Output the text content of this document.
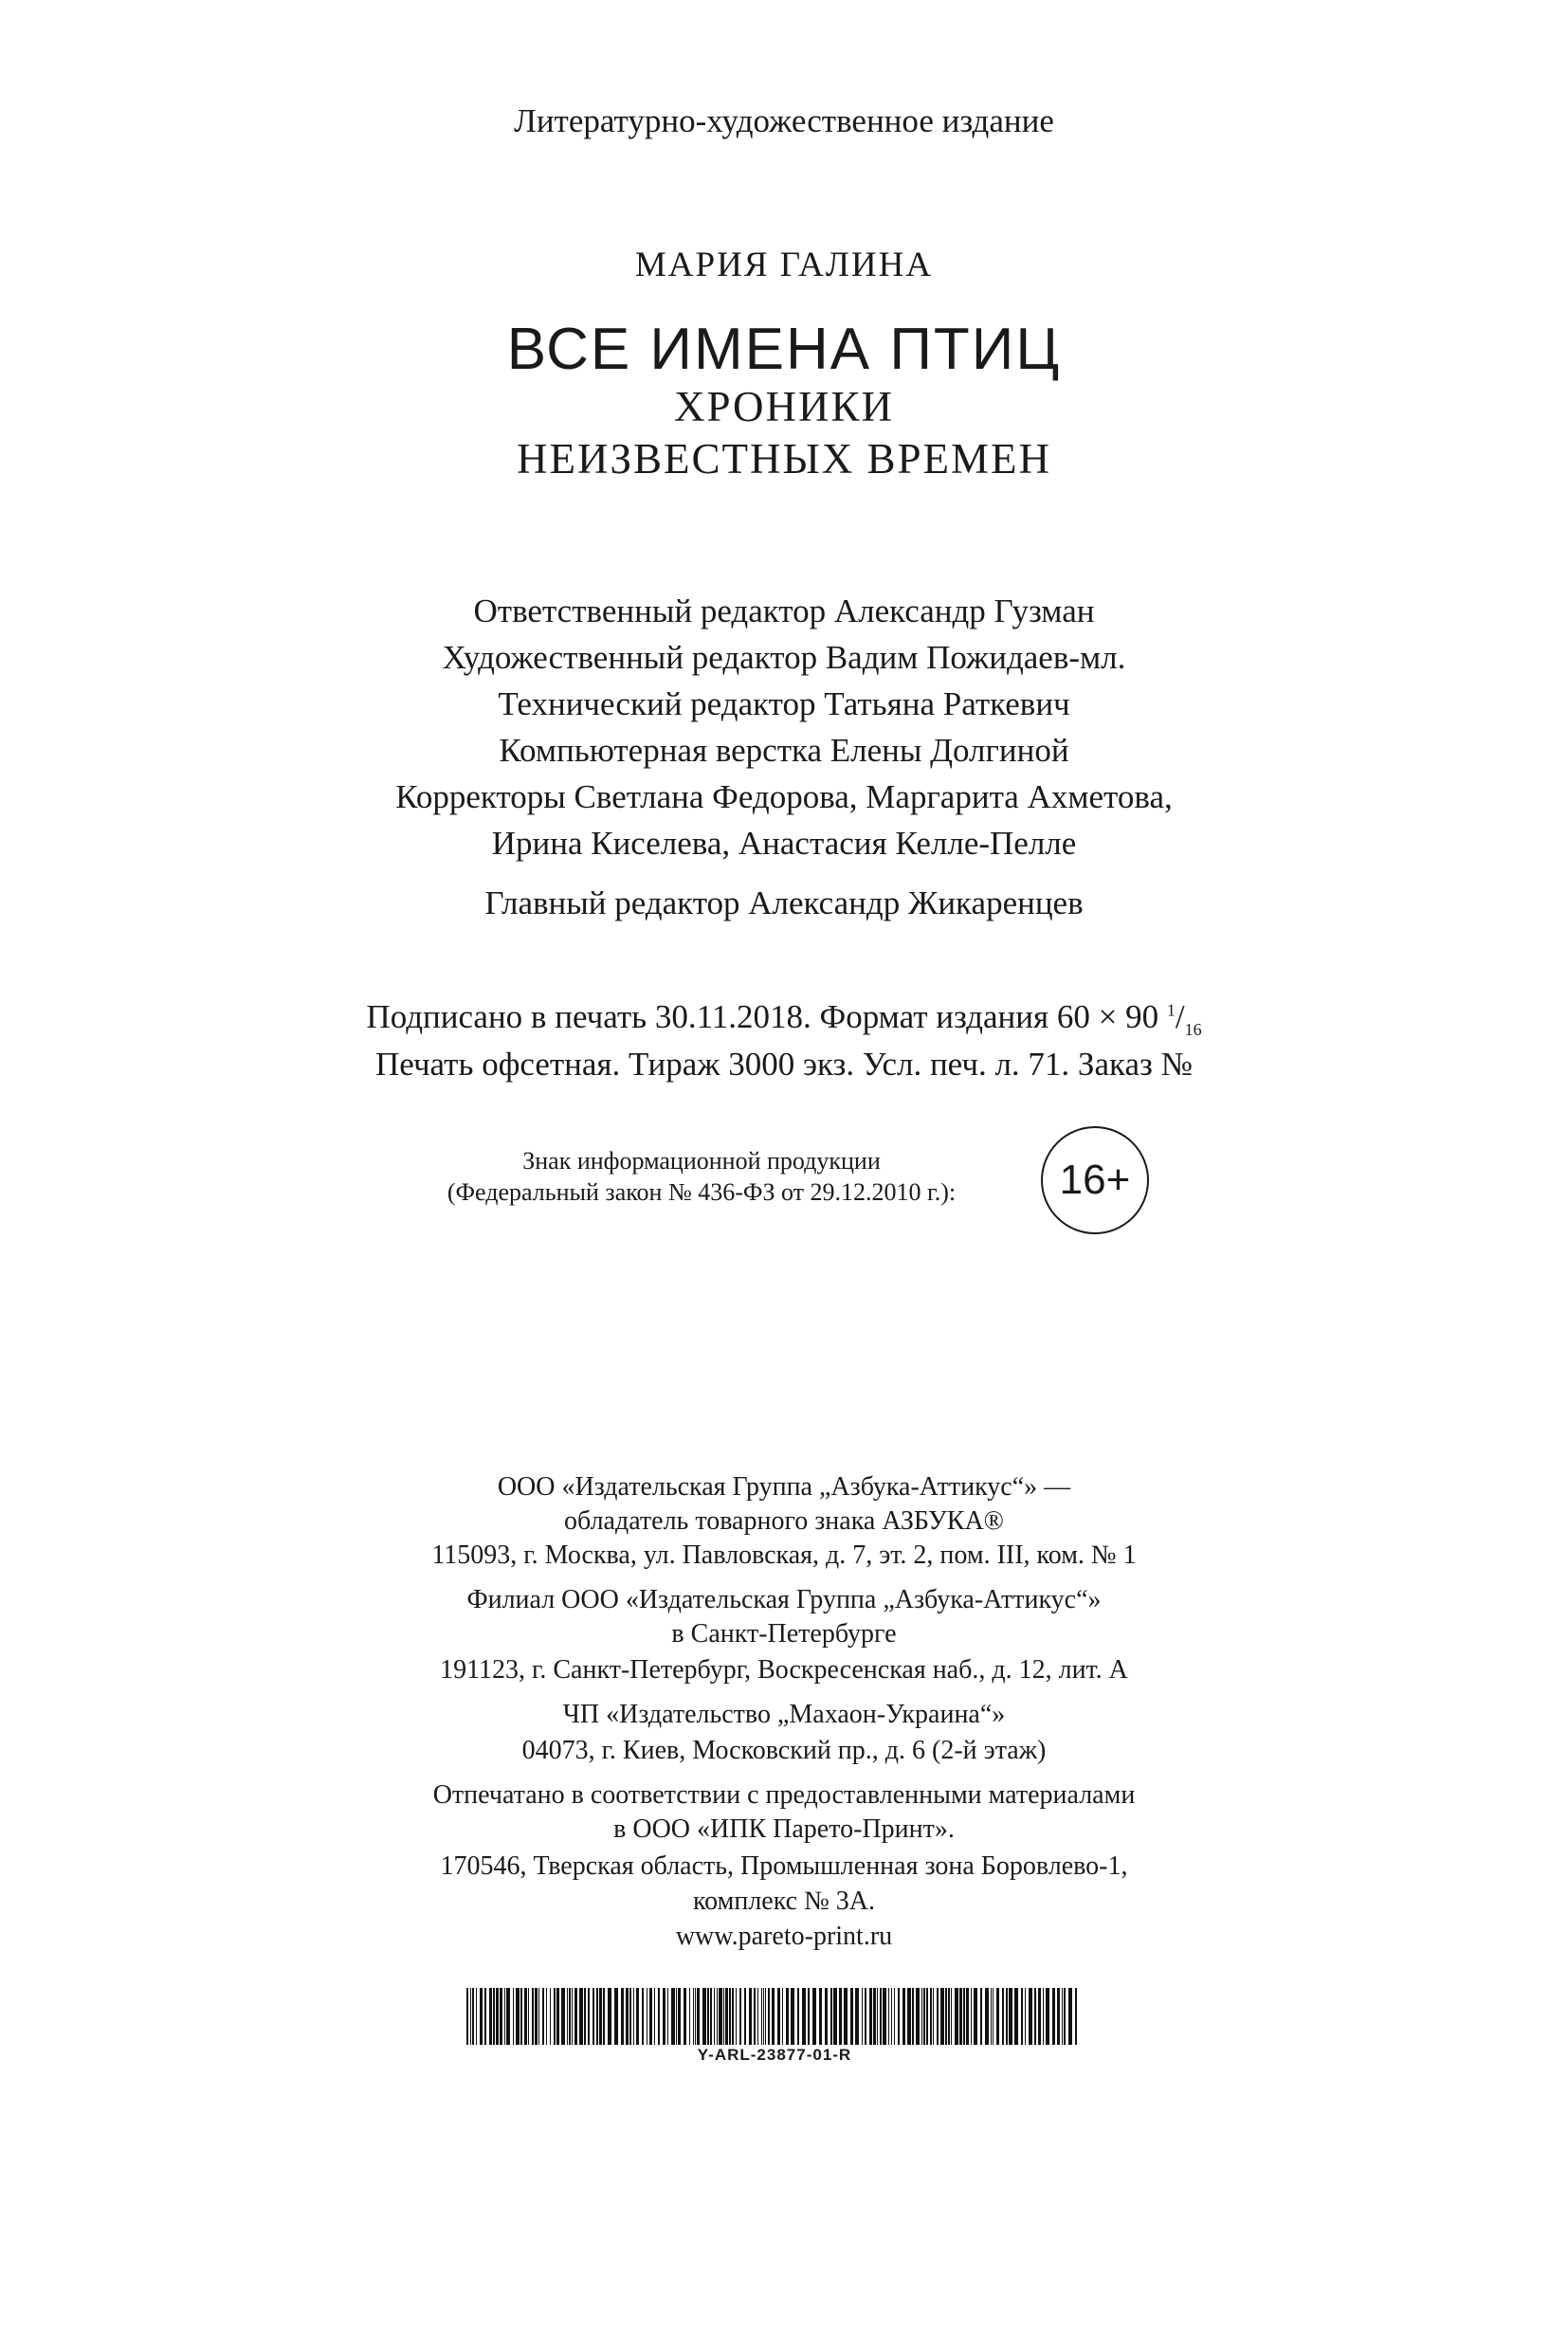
Литературно-художественное издание
МАРИЯ ГАЛИНА
ВСЕ ИМЕНА ПТИЦ
ХРОНИКИ
НЕИЗВЕСТНЫХ ВРЕМЕН
Ответственный редактор Александр Гузман
Художественный редактор Вадим Пожидаев-мл.
Технический редактор Татьяна Раткевич
Компьютерная верстка Елены Долгиной
Корректоры Светлана Федорова, Маргарита Ахметова,
Ирина Киселева, Анастасия Келле-Пелле
Главный редактор Александр Жикаренцев
Подписано в печать 30.11.2018. Формат издания 60 × 90 $^1/_{16}$
Печать офсетная. Тираж 3000 экз. Усл. печ. л. 71. Заказ №
Знак информационной продукции
(Федеральный закон № 436-ФЗ от 29.12.2010 г.):	16+
ООО «Издательская Группа „Азбука-Аттикус“» —
обладатель товарного знака АЗБУКА®
115093, г. Москва, ул. Павловская, д. 7, эт. 2, пом. III, ком. № 1
Филиал ООО «Издательская Группа „Азбука-Аттикус“»
в Санкт-Петербурге
191123, г. Санкт-Петербург, Воскресенская наб., д. 12, лит. А
ЧП «Издательство „Махаон-Украина“»
04073, г. Киев, Московский пр., д. 6 (2-й этаж)
Отпечатано в соответствии с предоставленными материалами
в ООО «ИПК Парето-Принт».
170546, Тверская область, Промышленная зона Боровлево-1,
комплекс № 3А.
www.pareto-print.ru
Y-ARL-23877-01-R
